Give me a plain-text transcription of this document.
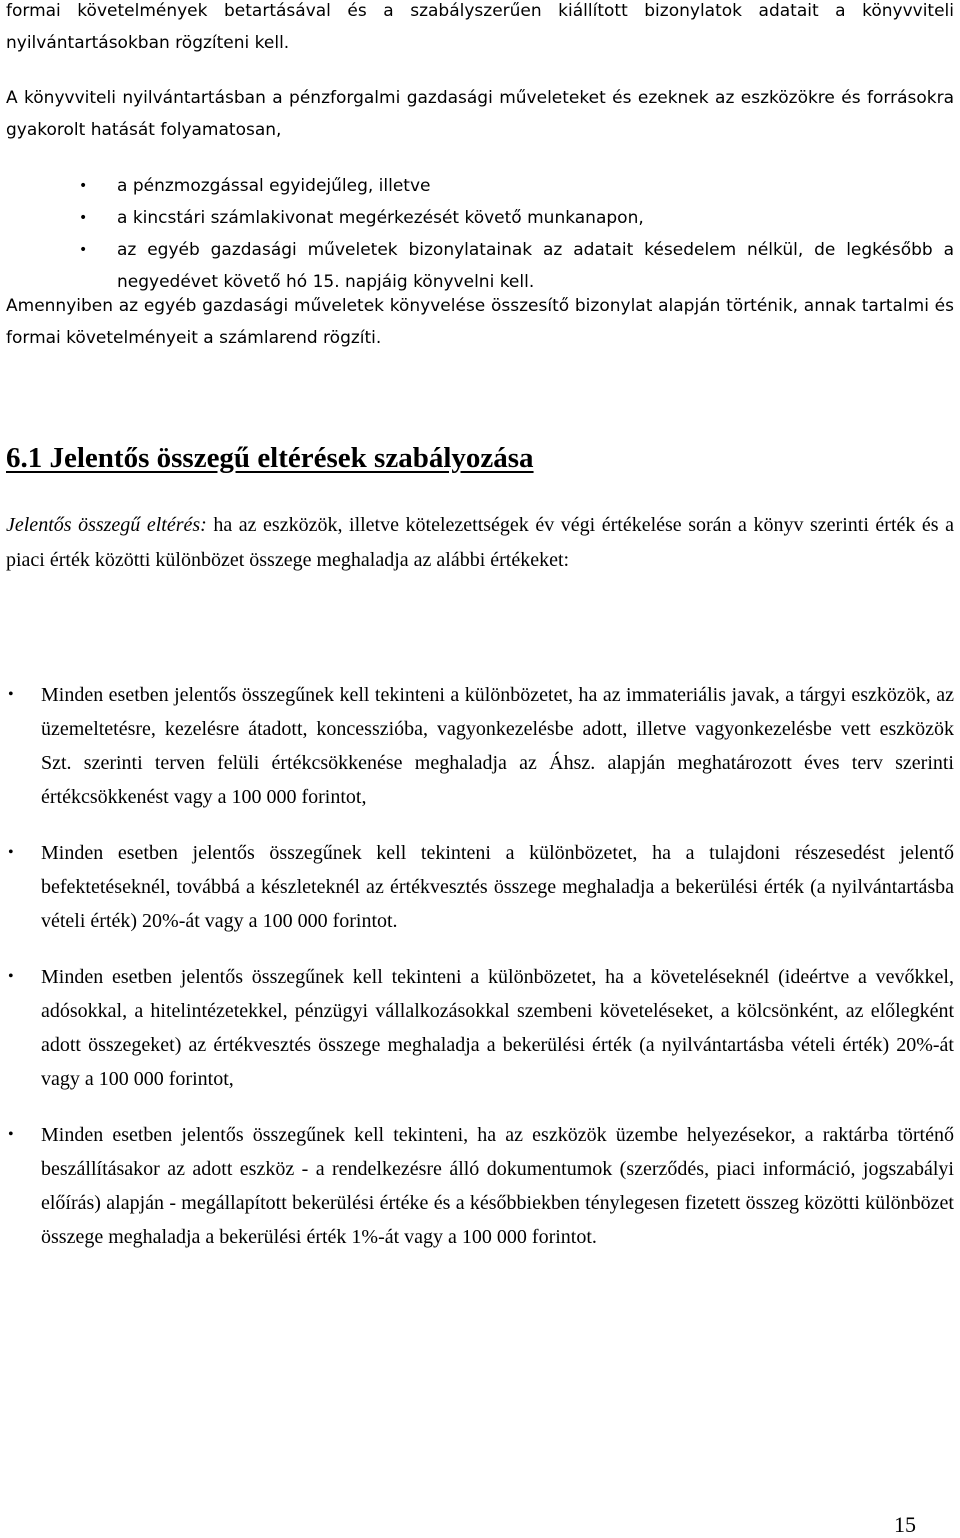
formai követelmények betartásával és a szabályszerűen kiállított bizonylatok adatait a könyvviteli nyilvántartásokban rögzíteni kell.

A könyvviteli nyilvántartásban a pénzforgalmi gazdasági műveleteket és ezeknek az eszközökre és forrásokra gyakorolt hatását folyamatosan,

• a pénzmozgással egyidejűleg, illetve
• a kincstári számlakivonat megérkezését követő munkanapon,
• az egyéb gazdasági műveletek bizonylatainak az adatait késedelem nélkül, de legkésőbb a negyedévet követő hó 15. napjáig könyvelni kell.

Amennyiben az egyéb gazdasági műveletek könyvelése összesítő bizonylat alapján történik, annak tartalmi és formai követelményeit a számlarend rögzíti.

6.1 Jelentős összegű eltérések szabályozása

Jelentős összegű eltérés: ha az eszközök, illetve kötelezettségek év végi értékelése során a könyv szerinti érték és a piaci érték közötti különbözet összege meghaladja az alábbi értékeket:

• Minden esetben jelentős összegűnek kell tekinteni a különbözetet, ha az immateriális javak, a tárgyi eszközök, az üzemeltetésre, kezelésre átadott, koncesszióba, vagyonkezelésbe adott, illetve vagyonkezelésbe vett eszközök Szt. szerinti terven felüli értékcsökkenése meghaladja az Áhsz. alapján meghatározott éves terv szerinti értékcsökkenést vagy a 100 000 forintot,
• Minden esetben jelentős összegűnek kell tekinteni a különbözetet, ha a tulajdoni részesedést jelentő befektetéseknél, továbbá a készleteknél az értékvesztés összege meghaladja a bekerülési érték (a nyilvántartásba vételi érték) 20%-át vagy a 100 000 forintot.
• Minden esetben jelentős összegűnek kell tekinteni a különbözetet, ha a követeléseknél (ideértve a vevőkkel, adósokkal, a hitelintézetekkel, pénzügyi vállalkozásokkal szembeni követeléseket, a kölcsönként, az előlegként adott összegeket) az értékvesztés összege meghaladja a bekerülési érték (a nyilvántartásba vételi érték) 20%-át vagy a 100 000 forintot,
• Minden esetben jelentős összegűnek kell tekinteni, ha az eszközök üzembe helyezésekor, a raktárba történő beszállításakor az adott eszköz - a rendelkezésre álló dokumentumok (szerződés, piaci információ, jogszabályi előírás) alapján - megállapított bekerülési értéke és a későbbiekben ténylegesen fizetett összeg közötti különbözet összege meghaladja a bekerülési érték 1%-át vagy a 100 000 forintot.
15
